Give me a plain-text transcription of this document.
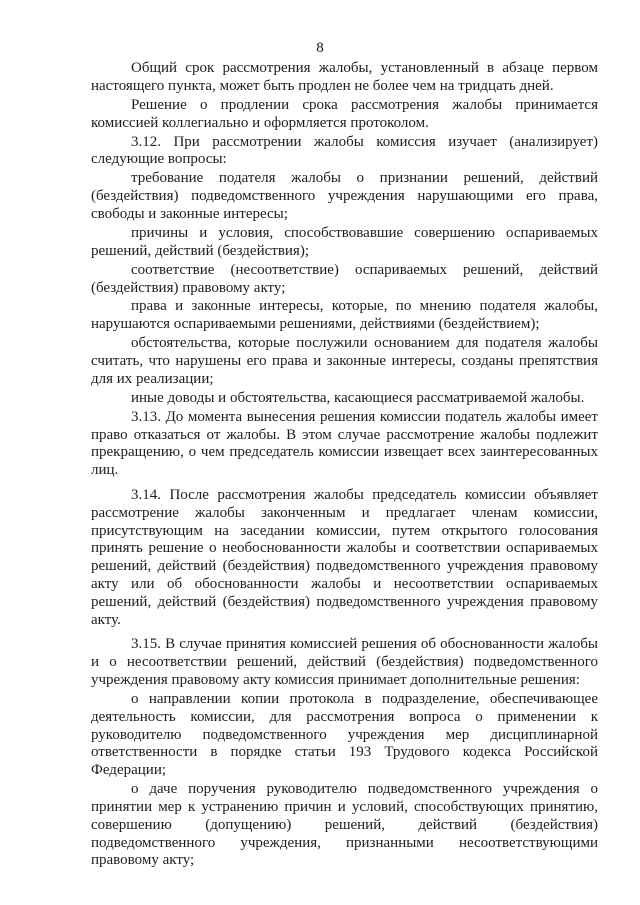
8

Общий срок рассмотрения жалобы, установленный в абзаце первом настоящего пункта, может быть продлен не более чем на тридцать дней.

Решение о продлении срока рассмотрения жалобы принимается комиссией коллегиально и оформляется протоколом.

3.12. При рассмотрении жалобы комиссия изучает (анализирует) следующие вопросы:

требование подателя жалобы о признании решений, действий (бездействия) подведомственного учреждения нарушающими его права, свободы и законные интересы;

причины и условия, способствовавшие совершению оспариваемых решений, действий (бездействия);

соответствие (несоответствие) оспариваемых решений, действий (бездействия) правовому акту;

права и законные интересы, которые, по мнению подателя жалобы, нарушаются оспариваемыми решениями, действиями (бездействием);

обстоятельства, которые послужили основанием для подателя жалобы считать, что нарушены его права и законные интересы, созданы препятствия для их реализации;

иные доводы и обстоятельства, касающиеся рассматриваемой жалобы.

3.13. До момента вынесения решения комиссии податель жалобы имеет право отказаться от жалобы. В этом случае рассмотрение жалобы подлежит прекращению, о чем председатель комиссии извещает всех заинтересованных лиц.

3.14. После рассмотрения жалобы председатель комиссии объявляет рассмотрение жалобы законченным и предлагает членам комиссии, присутствующим на заседании комиссии, путем открытого голосования принять решение о необоснованности жалобы и соответствии оспариваемых решений, действий (бездействия) подведомственного учреждения правовому акту или об обоснованности жалобы и несоответствии оспариваемых решений, действий (бездействия) подведомственного учреждения правовому акту.

3.15. В случае принятия комиссией решения об обоснованности жалобы и о несоответствии решений, действий (бездействия) подведомственного учреждения правовому акту комиссия принимает дополнительные решения:

о направлении копии протокола в подразделение, обеспечивающее деятельность комиссии, для рассмотрения вопроса о применении к руководителю подведомственного учреждения мер дисциплинарной ответственности в порядке статьи 193 Трудового кодекса Российской Федерации;

о даче поручения руководителю подведомственного учреждения о принятии мер к устранению причин и условий, способствующих принятию, совершению (допущению) решений, действий (бездействия) подведомственного учреждения, признанными несоответствующими правовому акту;
